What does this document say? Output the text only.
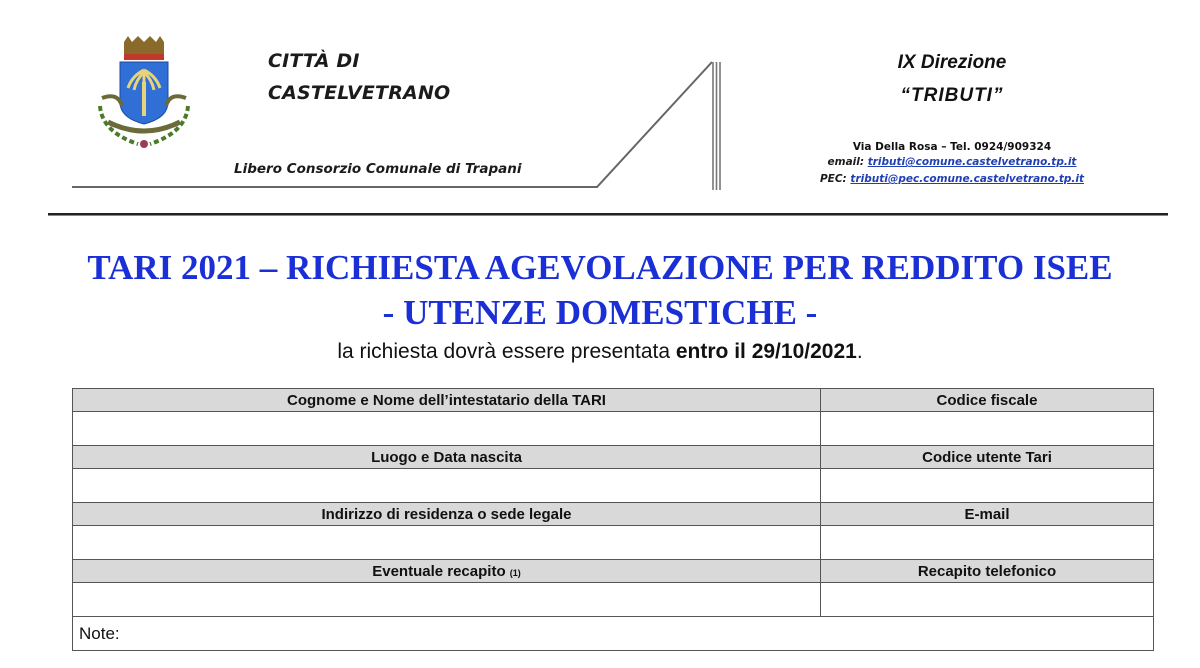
CITTÀ DI
CASTELVETRANO
Libero Consorzio Comunale di Trapani
IX Direzione
“TRIBUTI”
Via Della Rosa – Tel. 0924/909324
email: tributi@comune.castelvetrano.tp.it
PEC: tributi@pec.comune.castelvetrano.tp.it
TARI 2021 – RICHIESTA AGEVOLAZIONE PER REDDITO ISEE
- UTENZE DOMESTICHE -
la richiesta dovrà essere presentata entro il 29/10/2021.
Cognome e Nome dell’intestatario della TARI	Codice fiscale

Luogo e Data nascita	Codice utente Tari

Indirizzo di residenza o sede legale	E-mail

Eventuale recapito (1)	Recapito telefonico

Note:	
